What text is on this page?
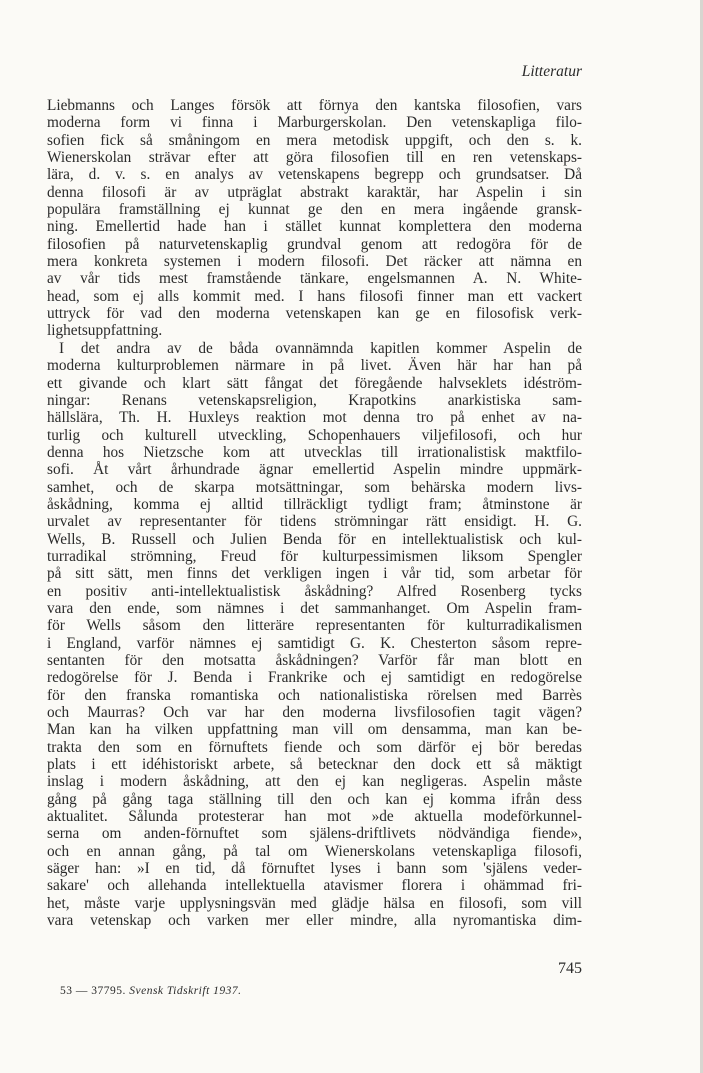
Litteratur
Liebmanns och Langes försök att förnya den kantska filosofien, vars
moderna form vi finna i Marburgerskolan. Den vetenskapliga filo-
sofien fick så småningom en mera metodisk uppgift, och den s. k.
Wienerskolan strävar efter att göra filosofien till en ren vetenskaps-
lära, d. v. s. en analys av vetenskapens begrepp och grundsatser. Då
denna filosofi är av utpräglat abstrakt karaktär, har Aspelin i sin
populära framställning ej kunnat ge den en mera ingående gransk-
ning. Emellertid hade han i stället kunnat komplettera den moderna
filosofien på naturvetenskaplig grundval genom att redogöra för de
mera konkreta systemen i modern filosofi. Det räcker att nämna en
av vår tids mest framstående tänkare, engelsmannen A. N. White-
head, som ej alls kommit med. I hans filosofi finner man ett vackert
uttryck för vad den moderna vetenskapen kan ge en filosofisk verk-
lighetsuppfattning.
I det andra av de båda ovannämnda kapitlen kommer Aspelin de
moderna kulturproblemen närmare in på livet. Även här har han på
ett givande och klart sätt fångat det föregående halvseklets idéström-
ningar: Renans vetenskapsreligion, Krapotkins anarkistiska sam-
hällslära, Th. H. Huxleys reaktion mot denna tro på enhet av na-
turlig och kulturell utveckling, Schopenhauers viljefilosofi, och hur
denna hos Nietzsche kom att utvecklas till irrationalistisk maktfilo-
sofi. Åt vårt århundrade ägnar emellertid Aspelin mindre uppmärk-
samhet, och de skarpa motsättningar, som behärska modern livs-
åskådning, komma ej alltid tillräckligt tydligt fram; åtminstone är
urvalet av representanter för tidens strömningar rätt ensidigt. H. G.
Wells, B. Russell och Julien Benda för en intellektualistisk och kul-
turradikal strömning, Freud för kulturpessimismen liksom Spengler
på sitt sätt, men finns det verkligen ingen i vår tid, som arbetar för
en positiv anti-intellektualistisk åskådning? Alfred Rosenberg tycks
vara den ende, som nämnes i det sammanhanget. Om Aspelin fram-
för Wells såsom den litteräre representanten för kulturradikalismen
i England, varför nämnes ej samtidigt G. K. Chesterton såsom repre-
sentanten för den motsatta åskådningen? Varför får man blott en
redogörelse för J. Benda i Frankrike och ej samtidigt en redogörelse
för den franska romantiska och nationalistiska rörelsen med Barrès
och Maurras? Och var har den moderna livsfilosofien tagit vägen?
Man kan ha vilken uppfattning man vill om densamma, man kan be-
trakta den som en förnuftets fiende och som därför ej bör beredas
plats i ett idéhistoriskt arbete, så betecknar den dock ett så mäktigt
inslag i modern åskådning, att den ej kan negligeras. Aspelin måste
gång på gång taga ställning till den och kan ej komma ifrån dess
aktualitet. Sålunda protesterar han mot »de aktuella modeförkunnel-
serna om anden-förnuftet som själens-driftlivets nödvändiga fiende»,
och en annan gång, på tal om Wienerskolans vetenskapliga filosofi,
säger han: »I en tid, då förnuftet lyses i bann som 'själens veder-
sakare' och allehanda intellektuella atavismer florera i ohämmad fri-
het, måste varje upplysningsvän med glädje hälsa en filosofi, som vill
vara vetenskap och varken mer eller mindre, alla nyromantiska dim-
745
53 — 37795. Svensk Tidskrift 1937.
